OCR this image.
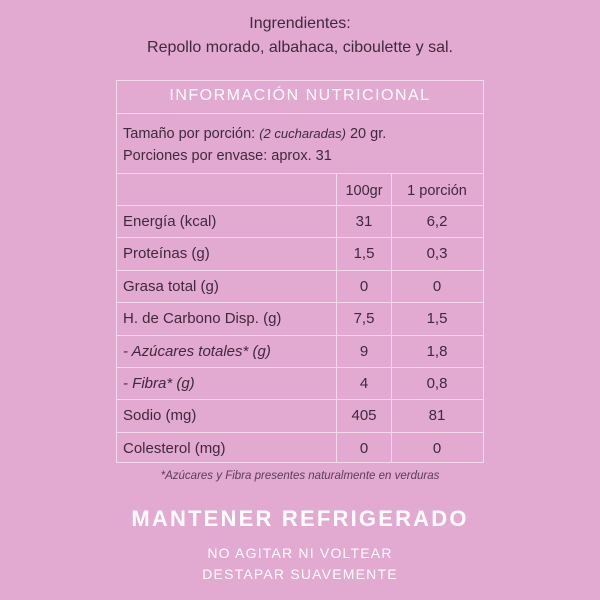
Ingrendientes:
Repollo morado, albahaca, ciboulette y sal.
INFORMACIÓN NUTRICIONAL
Tamaño por porción: (2 cucharadas) 20 gr.
Porciones por envase: aprox. 31
100gr	1 porción
Energía (kcal)	31	6,2
Proteínas (g)	1,5	0,3
Grasa total (g)	0	0
H. de Carbono Disp. (g)	7,5	1,5
- Azúcares totales* (g)	9	1,8
- Fibra* (g)	4	0,8
Sodio (mg)	405	81
Colesterol (mg)	0	0
*Azúcares y Fibra presentes naturalmente en verduras
MANTENER REFRIGERADO
NO AGITAR NI VOLTEAR
DESTAPAR SUAVEMENTE
